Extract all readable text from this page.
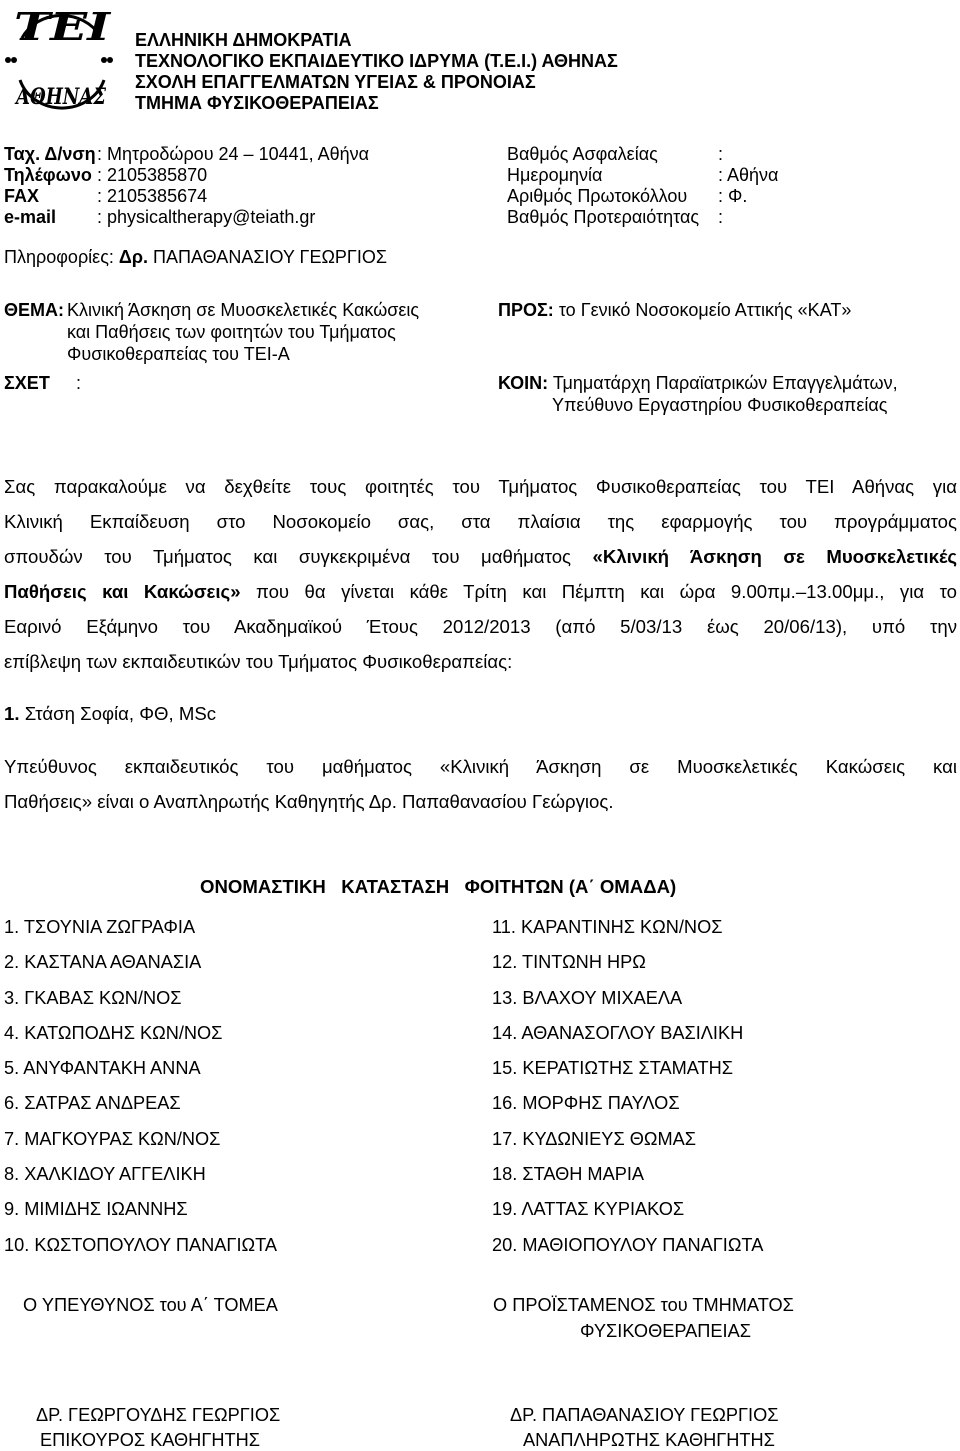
ΤΕΙ
ΑΘΗΝΑΣ
ΕΛΛΗΝΙΚΗ ΔΗΜΟΚΡΑΤΙΑ
ΤΕΧΝΟΛΟΓΙΚΟ ΕΚΠΑΙΔΕΥΤΙΚΟ ΙΔΡΥΜΑ (Τ.Ε.Ι.) ΑΘΗΝΑΣ
ΣΧΟΛΗ ΕΠΑΓΓΕΛΜΑΤΩΝ ΥΓΕΙΑΣ & ΠΡΟΝΟΙΑΣ
ΤΜΗΜΑ ΦΥΣΙΚΟΘΕΡΑΠΕΙΑΣ
Ταχ. Δ/νση : Μητροδώρου 24 – 10441, Αθήνα
Τηλέφωνο : 2105385870
FAX	: 2105385674
e-mail : physicaltherapy@teiath.gr
Βαθμός Ασφαλείας	:
Ημερομηνία	: Αθήνα
Αριθμός Πρωτοκόλλου : Φ.
Βαθμός Προτεραιότητας :
Πληροφορίες: Δρ. ΠΑΠΑΘΑΝΑΣΙΟΥ ΓΕΩΡΓΙΟΣ
ΘΕΜΑ: Κλινική Άσκηση σε Μυοσκελετικές Κακώσεις
και Παθήσεις των φοιτητών του Τμήματος
Φυσικοθεραπείας του ΤΕΙ-Α
ΣΧΕΤ :
ΠΡΟΣ: το Γενικό Νοσοκομείο Αττικής «ΚΑΤ»
ΚΟΙΝ: Τμηματάρχη Παραϊατρικών Επαγγελμάτων,
Υπεύθυνο Εργαστηρίου Φυσικοθεραπείας
Σας παρακαλούμε να δεχθείτε τους φοιτητές του Τμήματος Φυσικοθεραπείας του ΤΕΙ Αθήνας για
Κλινική Εκπαίδευση στο Νοσοκομείο σας, στα πλαίσια της εφαρμογής του προγράμματος
σπουδών του Τμήματος και συγκεκριμένα του μαθήματος «Κλινική Άσκηση σε Μυοσκελετικές
Παθήσεις και Κακώσεις» που θα γίνεται κάθε Τρίτη και Πέμπτη και ώρα 9.00πμ.–13.00μμ., για το
Εαρινό Εξάμηνο του Ακαδημαϊκού Έτους 2012/2013 (από 5/03/13 έως 20/06/13), υπό την
επίβλεψη των εκπαιδευτικών του Τμήματος Φυσικοθεραπείας:
1. Στάση Σοφία, ΦΘ, MSc
Υπεύθυνος εκπαιδευτικός του μαθήματος «Κλινική Άσκηση σε Μυοσκελετικές Κακώσεις και
Παθήσεις» είναι ο Αναπληρωτής Καθηγητής Δρ. Παπαθανασίου Γεώργιος.
ΟΝΟΜΑΣΤΙΚΗ   ΚΑΤΑΣΤΑΣΗ   ΦΟΙΤΗΤΩΝ (Α΄ ΟΜΑΔΑ)
1. ΤΣΟΥΝΙΑ ΖΩΓΡΑΦΙΑ
2. ΚΑΣΤΑΝΑ ΑΘΑΝΑΣΙΑ
3. ΓΚΑΒΑΣ ΚΩΝ/ΝΟΣ
4. ΚΑΤΩΠΟΔΗΣ ΚΩΝ/ΝΟΣ
5. ΑΝΥΦΑΝΤΑΚΗ ΑΝΝΑ
6. ΣΑΤΡΑΣ ΑΝΔΡΕΑΣ
7. ΜΑΓΚΟΥΡΑΣ ΚΩΝ/ΝΟΣ
8. ΧΑΛΚΙΔΟΥ ΑΓΓΕΛΙΚΗ
9. ΜΙΜΙΔΗΣ ΙΩΑΝΝΗΣ
10. ΚΩΣΤΟΠΟΥΛΟΥ ΠΑΝΑΓΙΩΤΑ
11. ΚΑΡΑΝΤΙΝΗΣ ΚΩΝ/ΝΟΣ
12. ΤΙΝΤΩΝΗ ΗΡΩ
13. ΒΛΑΧΟΥ ΜΙΧΑΕΛΑ
14. ΑΘΑΝΑΣΟΓΛΟΥ ΒΑΣΙΛΙΚΗ
15. ΚΕΡΑΤΙΩΤΗΣ ΣΤΑΜΑΤΗΣ
16. ΜΟΡΦΗΣ ΠΑΥΛΟΣ
17. ΚΥΔΩΝΙΕΥΣ ΘΩΜΑΣ
18. ΣΤΑΘΗ ΜΑΡΙΑ
19. ΛΑΤΤΑΣ ΚΥΡΙΑΚΟΣ
20. ΜΑΘΙΟΠΟΥΛΟΥ ΠΑΝΑΓΙΩΤΑ
Ο ΥΠΕΥΘΥΝΟΣ του Α΄ ΤΟΜΕΑ	Ο ΠΡΟΪΣΤΑΜΕΝΟΣ του ΤΜΗΜΑΤΟΣ
ΦΥΣΙΚΟΘΕΡΑΠΕΙΑΣ
ΔΡ. ΓΕΩΡΓΟΥΔΗΣ ΓΕΩΡΓΙΟΣ
ΕΠΙΚΟΥΡΟΣ ΚΑΘΗΓΗΤΗΣ
ΔΡ. ΠΑΠΑΘΑΝΑΣΙΟΥ ΓΕΩΡΓΙΟΣ
ΑΝΑΠΛΗΡΩΤΗΣ ΚΑΘΗΓΗΤΗΣ
